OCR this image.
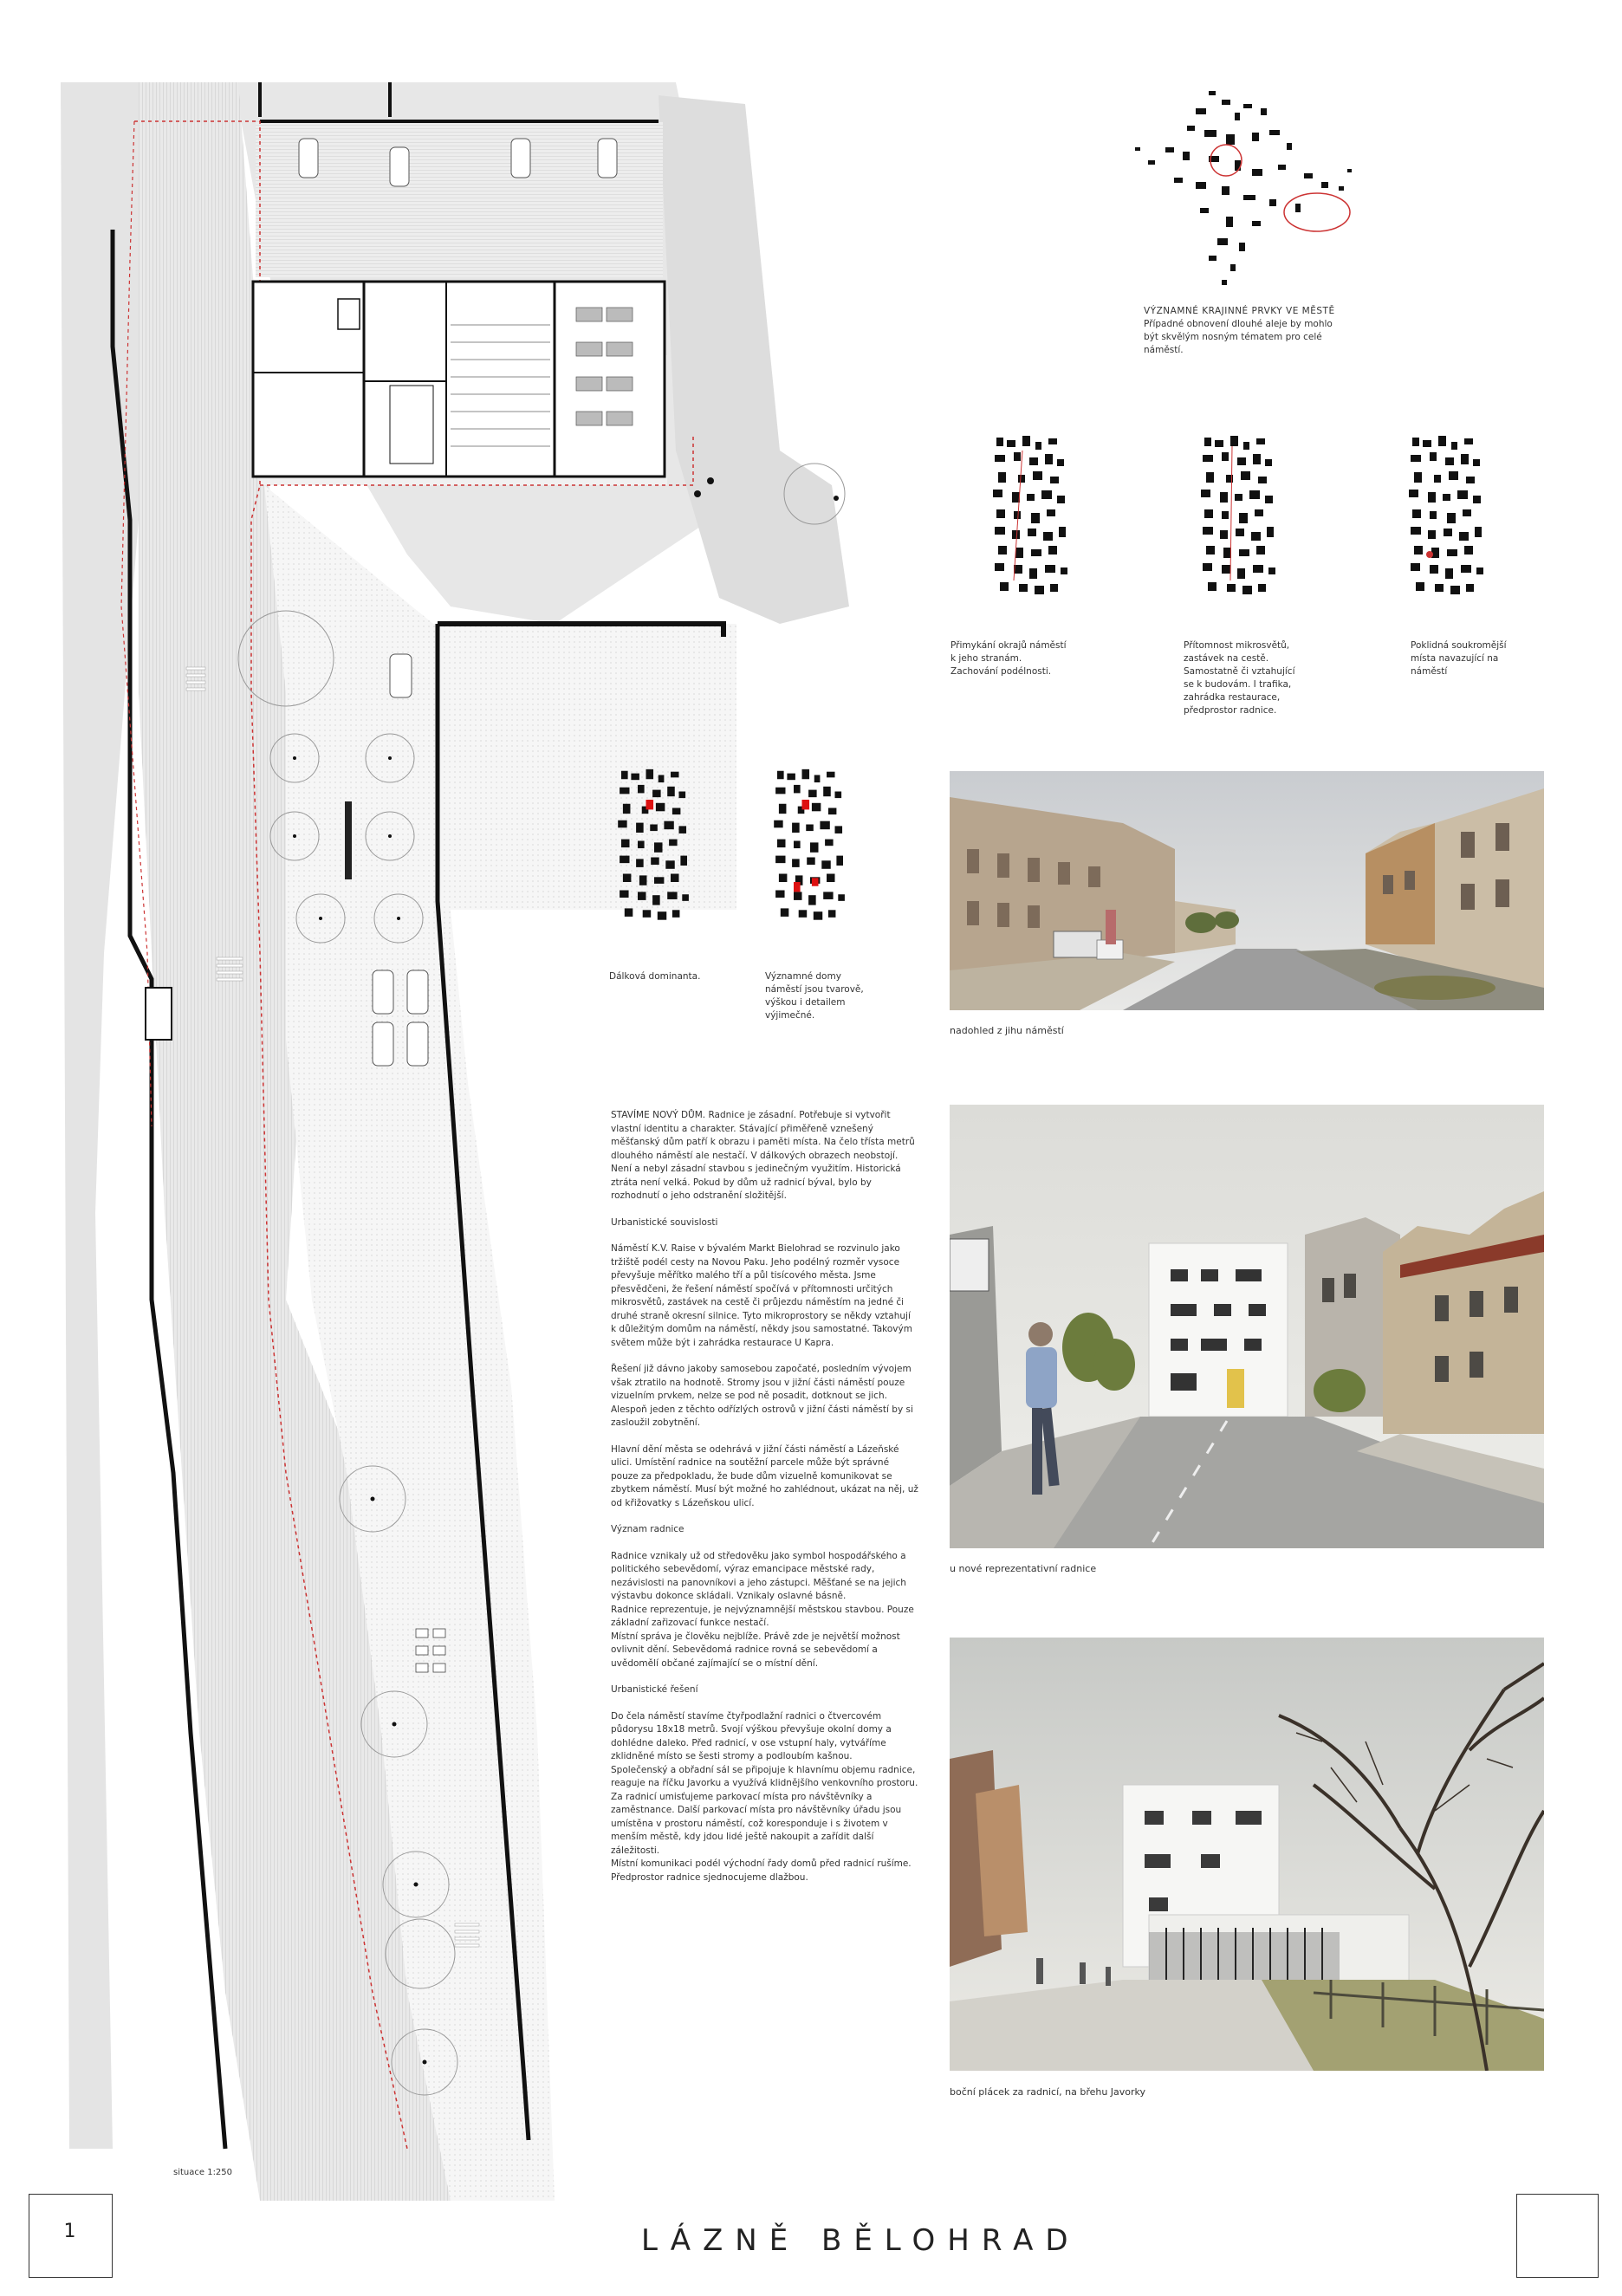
situace 1:250
VÝZNAMNÉ KRAJINNÉ PRVKY VE MĚSTĚ
Případné obnovení dlouhé aleje by mohlo být skvělým nosným tématem pro celé náměstí.
Přimykání okrajů náměstí k jeho stranám. Zachování podélnosti.
Přítomnost mikrosvětů, zastávek na cestě. Samostatně či vztahující se k budovám. I trafika, zahrádka restaurace, předprostor radnice.
Poklidná soukromější místa navazující na náměstí
Dálková dominanta.	Významné domy náměstí jsou tvarově, výškou i detailem výjimečné.
nadohled z jihu náměstí
u nové reprezentativní radnice
boční plácek za radnicí, na břehu Javorky

STAVÍME NOVÝ DŮM. Radnice je zásadní. Potřebuje si vytvořit vlastní identitu a charakter. Stávající přiměřeně vznešený měšťanský dům patří k obrazu i paměti místa. Na čelo třísta metrů dlouhého náměstí ale nestačí. V dálkových obrazech neobstojí. Není a nebyl zásadní stavbou s jedinečným využitím. Historická ztráta není velká. Pokud by dům už radnicí býval, bylo by rozhodnutí o jeho odstranění složitější.

Urbanistické souvislosti

Náměstí K.V. Raise v bývalém Markt Bielohrad se rozvinulo jako tržiště podél cesty na Novou Paku. Jeho podélný rozměr vysoce převyšuje měřítko malého tří a půl tisícového města. Jsme přesvědčeni, že řešení náměstí spočívá v přítomnosti určitých mikrosvětů, zastávek na cestě či průjezdu náměstím na jedné či druhé straně okresní silnice. Tyto mikroprostory se někdy vztahují k důležitým domům na náměstí, někdy jsou samostatné. Takovým světem může být i zahrádka restaurace U Kapra.

Řešení již dávno jakoby samosebou započaté, posledním vývojem však ztratilo na hodnotě. Stromy jsou v jižní části náměstí pouze vizuelním prvkem, nelze se pod ně posadit, dotknout se jich. Alespoň jeden z těchto odřízlých ostrovů v jižní části náměstí by si zasloužil zobytnění.

Hlavní dění města se odehrává v jižní části náměstí a Lázeňské ulici. Umístění radnice na soutěžní parcele může být správné pouze za předpokladu, že bude dům vizuelně komunikovat se zbytkem náměstí. Musí být možné ho zahlédnout, ukázat na něj, už od křižovatky s Lázeňskou ulicí.

Význam radnice

Radnice vznikaly už od středověku jako symbol hospodářského a politického sebevědomí, výraz emancipace městské rady, nezávislosti na panovníkovi a jeho zástupci. Měšťané se na jejich výstavbu dokonce skládali. Vznikaly oslavné básně.
Radnice reprezentuje, je nejvýznamnější městskou stavbou. Pouze základní zařizovací funkce nestačí.
Místní správa je člověku nejblíže. Právě zde je největší možnost ovlivnit dění. Sebevědomá radnice rovná se sebevědomí a uvědomělí občané zajímající se o místní dění.

Urbanistické řešení

Do čela náměstí stavíme čtyřpodlažní radnici o čtvercovém půdorysu 18x18 metrů. Svojí výškou převyšuje okolní domy a dohlédne daleko. Před radnicí, v ose vstupní haly, vytváříme zklidněné místo se šesti stromy a podloubím kašnou.
Společenský a obřadní sál se připojuje k hlavnímu objemu radnice, reaguje na říčku Javorku a využívá klidnějšího venkovního prostoru.
Za radnicí umisťujeme parkovací místa pro návštěvníky a zaměstnance. Další parkovací místa pro návštěvníky úřadu jsou umístěna v prostoru náměstí, což koresponduje i s životem v menším městě, kdy jdou lidé ještě nakoupit a zařídit další záležitosti.
Místní komunikaci podél východní řady domů před radnicí rušíme. Předprostor radnice sjednocujeme dlažbou.

1	LÁZNĚ BĚLOHRAD
